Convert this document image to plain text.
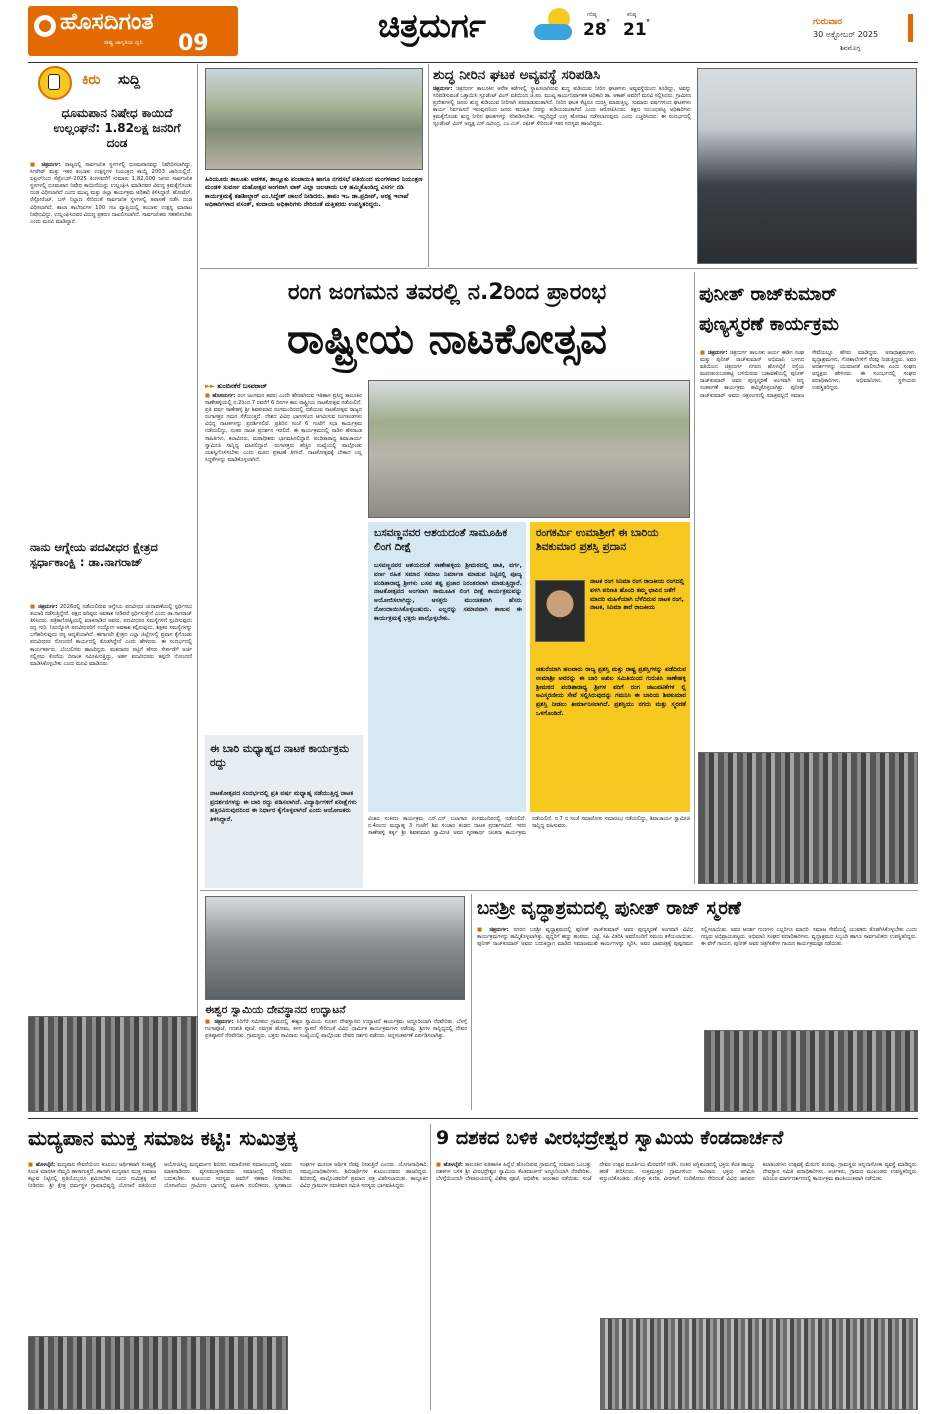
ಹೊಸದಿಗಂತ
ರಾಷ್ಟ್ರ ಜಾಗೃತಿಯ ದ್ವನಿ 09	ಚಿತ್ರದುರ್ಗ	ಗರಿಷ್ಠ
28 °
ಕನಿಷ್ಠ
21 °	ಗುರುವಾರ
30 ಅಕ್ಟೋಬರ್ 2025
ಶಿವಮೊಗ್ಗ
ಕಿರು ಸುದ್ದಿ
ಧೂಮಪಾನ ನಿಷೇಧ ಕಾಯಿದೆ ಉಲ್ಲಂಘನೆ: 1.82ಲಕ್ಷ ಜನರಿಗೆ ದಂಡ
■ ಚಿತ್ರದುರ್ಗ: ರಾಜ್ಯದಲ್ಲಿ ಸಾರ್ವಜನಿಕ ಸ್ಥಳಗಳಲ್ಲಿ ಧೂಮಪಾನವನ್ನು ನಿಷೇಧಿಸಲಾಗಿದ್ದು, ಸಿಗರೇಟ್ ಮತ್ತು ಇತರ ತಂಬಾಕು ಉತ್ಪನ್ನಗಳ ನಿಯಂತ್ರಣ ಕಾಯ್ದೆ 2003 ಜಾರಿಯಲ್ಲಿದೆ. ಏಪ್ರಿಲ್‌ನಿಂದ ಸೆಪ್ಟೆಂಬರ್-2025 ತಿಂಗಳವರೆಗೆ ಸುಮಾರು 1,82,000 ಜನರು ಸಾರ್ವಜನಿಕ ಸ್ಥಳಗಳಲ್ಲಿ ಧೂಮಪಾನ ನಿಷೇಧ ಕಾಯಿದೆಯನ್ನು ಉಲ್ಲಂಘಿಸಿ ಮಾಡಿದವರ ವಿರುದ್ಧ ಕ್ರಮಕೈಗೊಂಡು ದಂಡ ವಿಧಿಸಲಾಗಿದೆ ಎಂದು ಮುಖ್ಯ ಮತ್ತು ಜಿಲ್ಲಾ ಕಾರ್ಯಕ್ರಮ ಅಧಿಕಾರಿ ತಿಳಿಸಿದ್ದಾರೆ. ಹೋಟೆಲ್, ರೆಸ್ಟೋರೆಂಟ್, ಬಸ್ ನಿಲ್ದಾಣ ಸೇರಿದಂತೆ ಸಾರ್ವಜನಿಕ ಸ್ಥಳಗಳಲ್ಲಿ ತಪಾಸಣೆ ನಡೆಸಿ ದಂಡ ವಿಧಿಸಲಾಗಿದೆ. ಶಾಲಾ ಕಾಲೇಜುಗಳ 100 ಗಜ ವ್ಯಾಪ್ತಿಯಲ್ಲಿ ತಂಬಾಕು ಉತ್ಪನ್ನ ಮಾರಾಟ ನಿಷೇಧವಿದ್ದು, ಉಲ್ಲಂಘಿಸಿದವರ ವಿರುದ್ಧ ಪ್ರಕರಣ ದಾಖಲಿಸಲಾಗಿದೆ. ಸಾರ್ವಜನಿಕರು ಸಹಕರಿಸಬೇಕು ಎಂದು ಮನವಿ ಮಾಡಿದ್ದಾರೆ.
ನಾನು ಆಗ್ನೇಯ ಪದವೀಧರ ಕ್ಷೇತ್ರದ ಸ್ಪರ್ಧಾಕಾಂಕ್ಷಿ : ಡಾ.ನಾಗರಾಜ್
■ ಚಿತ್ರದುರ್ಗ: 2026ರಲ್ಲಿ ನಡೆಯಲಿರುವ ಆಗ್ನೇಯ ಪದವೀಧರ ಚುನಾವಣೆಯಲ್ಲಿ ಸ್ಪರ್ಧಿಸಲು ತಯಾರಿ ನಡೆಸುತ್ತಿದ್ದೇನೆ. ಪಕ್ಷದ ವರಿಷ್ಠರು ಅವಕಾಶ ನೀಡಿದರೆ ಸ್ಪರ್ಧಿಸುತ್ತೇನೆ ಎಂದು ಡಾ.ನಾಗರಾಜ್ ತಿಳಿಸಿದರು. ಪತ್ರಿಕಾಗೋಷ್ಠಿಯಲ್ಲಿ ಮಾತನಾಡಿದ ಅವರು, ಪದವೀಧರರ ಸಮಸ್ಯೆಗಳಿಗೆ ಸ್ಪಂದಿಸುವುದು ನನ್ನ ಗುರಿ. ನಿರುದ್ಯೋಗಿ ಪದವೀಧರರಿಗೆ ಉದ್ಯೋಗ ಅವಕಾಶ ಕಲ್ಪಿಸುವುದು, ಶಿಕ್ಷಕರ ಸಮಸ್ಯೆಗಳನ್ನು ಬಗೆಹರಿಸುವುದು ನನ್ನ ಆದ್ಯತೆಯಾಗಿದೆ. ಈಗಾಗಲೇ ಕ್ಷೇತ್ರದ ಎಲ್ಲಾ ಜಿಲ್ಲೆಗಳಲ್ಲಿ ಪ್ರವಾಸ ಕೈಗೊಂಡು ಪದವೀಧರರ ನೋಂದಣಿ ಕಾರ್ಯದಲ್ಲಿ ತೊಡಗಿದ್ದೇನೆ ಎಂದು ಹೇಳಿದರು. ಈ ಸಂದರ್ಭದಲ್ಲಿ ಕಾರ್ಯಕರ್ತರು, ಬೆಂಬಲಿಗರು ಹಾಜರಿದ್ದರು. ಮತದಾರರ ಪಟ್ಟಿಗೆ ಹೆಸರು ಸೇರ್ಪಡೆಗೆ ಅರ್ಜಿ ಸಲ್ಲಿಸಲು ಕೊನೆಯ ದಿನಾಂಕ ಸಮೀಪಿಸುತ್ತಿದ್ದು, ಅರ್ಹ ಪದವೀಧರರು ತಪ್ಪದೇ ನೋಂದಣಿ ಮಾಡಿಸಿಕೊಳ್ಳಬೇಕು ಎಂದು ಮನವಿ ಮಾಡಿದರು.
ಹಿರಿಯೂರು ತಾಲೂಕು ಆಡಳಿತ, ತಾಲ್ಲೂಕು ಪಂಚಾಯಿತಿ ಹಾಗೂ ನಗರಸಭೆ ವತಿಯಿಂದ ಮಂಗಳವಾರ ನಿಯಂತ್ರಣ ಮಂಡಳಿ ಸುವರ್ಣ ಮಹೋತ್ಸವ ಅಂಗವಾಗಿ ವಾಕ್ ವಿಲ್ಲಾ ಜಲಜಾಯ ಬಳಿ ಹಮ್ಮಿಕೊಂಡಿದ್ದ ವಿಸರ್ಗ ನಡಿ ಕಾರ್ಯಕ್ರಮಕ್ಕೆ ತಹಶೀಲ್ದಾರ್ ಎಂ.ಸಿದ್ದೇಶ್ ಚಾಲನೆ ನೀಡಿದರು. ತಾಪಂ ಇಒ ಡಾ.ಪ್ರದೀಪ್, ಆರಕ್ಷ ಇಲಾಖೆ ಅಧಿಕಾರಿಗಳಾದ ವಸಂತ್, ಕಂದಾಯ ಅಧಿಕಾರಿಗಳು ನೇರಿದಂತೆ ಮತ್ತಿತರರು ಉಪಸ್ಥಿತರಿದ್ದರು.
ಶುದ್ಧ ನೀರಿನ ಘಟಕ ಅವ್ಯವಸ್ಥೆ ಸರಿಪಡಿಸಿ
ಚಿತ್ರದುರ್ಗ: ಚಿತ್ರದುರ್ಗ ತಾಲೂಕಿನ ಆನೇಕ ಕಡೆಗಳಲ್ಲಿ ಸ್ಥಾಪಿಸಲಾಗಿರುವ ಶುದ್ಧ ಕುಡಿಯುವ ನೀರಿನ ಘಟಕಗಳು ಅವ್ಯವಸ್ಥೆಯಿಂದ ಕೂಡಿದ್ದು, ಅವನ್ನು ಸರಿಪಡಿಸುವಂತೆ ಒತ್ತಾಯಿಸಿ ಸ್ಟೂಡೆಂಟ್ ವಿಂಗ್ ವತಿಯಿಂದ ಜಿ.ಪಂ. ಮುಖ್ಯ ಕಾರ್ಯನಿರ್ವಾಹಕ ಅಧಿಕಾರಿ ಡಾ. ಆಕಾಶ್ ಅವರಿಗೆ ಮನವಿ ಸಲ್ಲಿಸಿದರು. ಗ್ರಾಮೀಣ ಪ್ರದೇಶಗಳಲ್ಲಿ ಜನರು ಶುದ್ಧ ಕುಡಿಯುವ ನೀರಿಗಾಗಿ ಪರದಾಡುವಂತಾಗಿದೆ. ನೀರಿನ ಘಟಕ ಕೆಟ್ಟರೂ ದುರಸ್ತಿ ಮಾಡುತ್ತಿಲ್ಲ. ಸುಮಾರು ವರ್ಷಗಳಿಂದ ಘಟಕಗಳು ಕಾರ್ಯ ನಿರ್ವಹಿಸದೆ ಇರುವುದರಿಂದ ಜನರು ಕಲುಷಿತ ನೀರನ್ನು ಕುಡಿಯುವಂತಾಗಿದೆ ಎಂದು ಆರೋಪಿಸಿದರು. ತಕ್ಷಣ ಸಂಬಂಧಪಟ್ಟ ಅಧಿಕಾರಿಗಳು ಕ್ರಮಕೈಗೊಂಡು ಶುದ್ಧ ನೀರಿನ ಘಟಕಗಳನ್ನು ಸರಿಪಡಿಸಬೇಕು. ಇಲ್ಲದಿದ್ದರೆ ಉಗ್ರ ಹೋರಾಟ ನಡೆಸಲಾಗುವುದು ಎಂದು ಎಚ್ಚರಿಸಿದರು. ಈ ಸಂದರ್ಭದಲ್ಲಿ ಸ್ಟೂಡೆಂಟ್ ವಿಂಗ್ ಅಧ್ಯಕ್ಷ ಎಸ್.ರವೀಂದ್ರ, ಎಂ.ಎಚ್. ರಫೀಕ್ ಸೇರಿದಂತೆ ಇತರ ಸದಸ್ಯರು ಹಾಜರಿದ್ದರು.
ರಂಗ ಜಂಗಮನ ತವರಲ್ಲಿ ನ.2ರಿಂದ ಪ್ರಾರಂಭ
ರಾಷ್ಟ್ರೀಯ ನಾಟಕೋತ್ಸವ
►► ತುಂಬಿನಕೆರೆ ಬಸವರಾಜ್
■ ಹೊಸದುರ್ಗ: ರಂಗ ಜಂಗಮನ ತವರು ಎಂದೇ ಹೆಸರಾಗಿರುವ ಇತಿಹಾಸ ಪ್ರಸಿದ್ಧ ತಾಲೂಕಿನ ಸಾಣೇಹಳ್ಳಿಯಲ್ಲಿ ನ.2ರಿಂದ 7 ರವರೆಗೆ 6 ದಿನಗಳ ಕಾಲ ರಾಷ್ಟ್ರೀಯ ನಾಟಕೋತ್ಸವ ನಡೆಯಲಿದೆ. ಪ್ರತಿ ವರ್ಷ ಸಾಣೇಹಳ್ಳಿ ಶ್ರೀ ಶಿವಕುಮಾರ ರಂಗಮಂದಿರದಲ್ಲಿ ನಡೆಯುವ ನಾಟಕೋತ್ಸವ ರಾಜ್ಯದ ರಂಗಾಸಕ್ತರ ಗಮನ ಸೆಳೆಯುತ್ತದೆ. ದೇಶದ ವಿವಿಧ ಭಾಗಗಳಿಂದ ಆಗಮಿಸುವ ರಂಗತಂಡಗಳು ವಿಭಿನ್ನ ನಾಟಕಗಳನ್ನು ಪ್ರದರ್ಶಿಸಲಿವೆ. ಪ್ರತಿದಿನ ಸಂಜೆ 6 ಗಂಟೆಗೆ ಸಭಾ ಕಾರ್ಯಕ್ರಮ ನಡೆಯಲಿದ್ದು, ನಂತರ ನಾಟಕ ಪ್ರದರ್ಶನ ಇರಲಿದೆ. ಈ ಕಾರ್ಯಕ್ರಮದಲ್ಲಿ ನಾಡಿನ ಹೆಸರಾಂತ ಸಾಹಿತಿಗಳು, ಕಲಾವಿದರು, ಮಠಾಧೀಶರು ಭಾಗವಹಿಸಲಿದ್ದಾರೆ. ಪಂಡಿತಾರಾಧ್ಯ ಶಿವಾಚಾರ್ಯ ಸ್ವಾಮೀಜಿ ಸಾನ್ನಿಧ್ಯ ವಹಿಸಲಿದ್ದಾರೆ. ರಂಗಾಸಕ್ತರು ಹೆಚ್ಚಿನ ಸಂಖ್ಯೆಯಲ್ಲಿ ಪಾಲ್ಗೊಂಡು ಯಶಸ್ವಿಗೊಳಿಸಬೇಕು ಎಂದು ಮಠದ ಪ್ರಕಟಣೆ ತಿಳಿಸಿದೆ. ನಾಟಕೋತ್ಸವಕ್ಕೆ ಬೇಕಾದ ಎಲ್ಲ ಸಿದ್ಧತೆಗಳನ್ನು ಮಾಡಿಕೊಳ್ಳಲಾಗಿದೆ.
ಈ ಬಾರಿ ಮಧ್ಯಾಹ್ನದ ನಾಟಕ ಕಾರ್ಯಕ್ರಮ ರದ್ದು
ನಾಟಕೋತ್ಸವದ ಸಂದರ್ಭದಲ್ಲಿ ಪ್ರತಿ ವರ್ಷ ಮಧ್ಯಾಹ್ನ ನಡೆಯುತ್ತಿದ್ದ ನಾಟಕ ಪ್ರದರ್ಶನಗಳನ್ನು ಈ ಬಾರಿ ರದ್ದು ಪಡಿಸಲಾಗಿದೆ. ವಿದ್ಯಾರ್ಥಿಗಳಿಗೆ ಪರೀಕ್ಷೆಗಳು ಹತ್ತಿರವಿರುವುದರಿಂದ ಈ ನಿರ್ಧಾರ ಕೈಗೊಳ್ಳಲಾಗಿದೆ ಎಂದು ಆಯೋಜಕರು ತಿಳಿಸಿದ್ದಾರೆ.
ಬಸವಣ್ಣನವರ ಆಶಯದಂತೆ ಸಾಮೂಹಿಕ ಲಿಂಗ ದೀಕ್ಷೆ
ಬಸವಣ್ಣನವರ ಆಶಯದಂತೆ ಸಾಣೇಹಳ್ಳಿಯ ಶ್ರೀಮಠದಲ್ಲಿ ಜಾತಿ, ವರ್ಗ, ವರ್ಣ ರಹಿತ ಸಮಾನ ಸಮಾಜ ನಿರ್ಮಾಣ ಮಾಡುವ ನಿಟ್ಟಿನಲ್ಲಿ ಪೂಜ್ಯ ಪಂಡಿತಾರಾಧ್ಯ ಶ್ರೀಗಳು ಬಸವ ತತ್ವ ಪ್ರಚಾರ ನಿರಂತರವಾಗಿ ಮಾಡುತ್ತಿದ್ದಾರೆ. ನಾಟಕೋತ್ಸವದ ಅಂಗವಾಗಿ ಸಾಮೂಹಿಕ ಲಿಂಗ ದೀಕ್ಷೆ ಕಾರ್ಯಕ್ರಮವನ್ನು ಆಯೋಜಿಸಲಾಗಿದ್ದು, ಆಸಕ್ತರು ಮುಂಚಿತವಾಗಿ ಹೆಸರು ನೋಂದಾಯಿಸಿಕೊಳ್ಳಬಹುದು. ಎಲ್ಲರನ್ನು ಸಮಾನವಾಗಿ ಕಾಣುವ ಈ ಕಾರ್ಯಕ್ರಮಕ್ಕೆ ಭಕ್ತರು ಪಾಲ್ಗೊಳ್ಳಬೇಕು.
ರಂಗಕರ್ಮಿ ಉಮಾಶ್ರೀಗೆ ಈ ಬಾರಿಯ ಶಿವಕುಮಾರ ಪ್ರಶಸ್ತಿ ಪ್ರದಾನ
ನಾಟಕ ರಂಗ ಸಿನಿಮಾ ರಂಗ ರಾಜಕೀಯ ರಂಗದಲ್ಲಿ ಪಳಗಿ ಪರಿಣತಿ ಹೊಂದಿ ತಮ್ಮ ಛಾಪಿನ ಜತೆಗೆ ಮಾದರಿ ಮಹಿಳೆಯಾಗಿ ಬೆಳೆದಿರುವ ನಾಟಕ ರಂಗ, ನಾಟಕ, ಸಿನಿಮಾ ತಾರೆ ರಾಜಕೀಯ
ಚತುರೆಯಾಗಿ ಹಲವಾರು ರಾಜ್ಯ ಪ್ರಶಸ್ತಿ ಮತ್ತು ರಾಷ್ಟ್ರ ಪ್ರಶಸ್ತಿಗಳನ್ನು ಪಡೆದಿರುವ ಉಮಾಶ್ರೀ ಅವರನ್ನು ಈ ಬಾರಿ ಅಖಿಲ ಸಮಿತಿಯಿಂದ ಗುರುತಿಸಿ ಸಾಣೇಹಳ್ಳಿ ಶ್ರೀಮಠದ ಪಂಡಿತಾರಾಧ್ಯ ಶ್ರೀಗಳ ಪರಿಗೆ ರಂಗ ಚಟುವಟಿಕೆಗಳ ಲ್ಲಿ ಅವಿಸ್ಮರಣೀಯ ಸೇವೆ ಸಲ್ಲಿಸಿರುವುದನ್ನು ಗಮನಿಸಿ ಈ ಬಾರಿಯ ಶಿವಕುಮಾರ ಪ್ರಶಸ್ತಿ ನೀಡಲು ತೀರ್ಮಾನಿಸಲಾಗಿದೆ. ಪ್ರಶಸ್ತಿಯು ನಗದು ಮತ್ತು ಸ್ಮರಣಿಕೆ ಒಳಗೊಂಡಿದೆ.
ವಿಚಾರ ಸಂಕಿರಣ ಕಾರ್ಯಕ್ರಮ ಎನ್.ಎನ್ ಬಲಾಗಾರ ರಂಗಮಂದಿರದಲ್ಲಿ ನಡೆಯಲಿದೆ. ನ.4ರಂದು ಮಧ್ಯಾಹ್ನ 3 ಗಂಟೆಗೆ ಶಿವ ಸಂಚಾರ ತಂಡದ ನಾಟಕ ಪ್ರದರ್ಶನವಿದೆ. ಇದರ ಸಾಣೇಹಳ್ಳಿ ಕರ್ತೃ ಶ್ರೀ ಶಿವಕುಮಾರ ಸ್ವಾಮೀಜಿ ಅವರ ಸ್ಮರಣಾರ್ಥ ಚಿಂತನಾ ಕಾರ್ಯಕ್ರಮ ನಡೆಯಲಿದೆ. ನ.7 ರ ಸಂಜೆ ಸಮಾರೋಪ ಸಮಾರಂಭ ನಡೆಯಲಿದ್ದು, ಶಿವಾಚಾರ್ಯ ಸ್ವಾಮೀಜಿ ಸಾನ್ನಿಧ್ಯ ವಹಿಸುವರು.
ಪುನೀತ್ ರಾಜ್‌ಕುಮಾರ್
ಪುಣ್ಯಸ್ಮರಣೆ ಕಾರ್ಯಕ್ರಮ
■ ಚಿತ್ರದುರ್ಗ: ಚಿತ್ರದುರ್ಗ ತಾಲೂಕು ಆರ್ಯ ಈಡಿಗ ಸಂಘ ಮತ್ತು ಪುನೀತ್ ರಾಜ್‌ಕುಮಾರ್ ಅಭಿಮಾನಿ ಬಳಗದ ವತಿಯಿಂದ ಚಿತ್ರದುರ್ಗ ನಗರದ ಹೊಳಲ್ಕೆರೆ ರಸ್ತೆಯ ಮಠದಕುರುಬರಹಟ್ಟಿ ಬಳಿಯಿರುವ ಬಡಾವಣೆಯಲ್ಲಿ ಪುನೀತ್ ರಾಜ್‌ಕುಮಾರ್ ಅವರ ಪುಣ್ಯಸ್ಮರಣೆ ಅಂಗವಾಗಿ ಅನ್ನ ಸಂತರ್ಪಣೆ ಕಾರ್ಯಕ್ರಮ ಹಮ್ಮಿಕೊಳ್ಳಲಾಗಿತ್ತು. ಪುನೀತ್ ರಾಜ್‌ಕುಮಾರ್ ಅವರು ಚಿತ್ರರಂಗದಲ್ಲಿ ಮಾತ್ರವಲ್ಲದೆ ಸಮಾಜ ಸೇವೆಯಲ್ಲೂ ಹೆಸರು ಮಾಡಿದ್ದರು. ಅನಾಥಾಶ್ರಮಗಳು, ವೃದ್ಧಾಶ್ರಮಗಳು, ಗೋಶಾಲೆಗಳಿಗೆ ನೆರವು ನೀಡುತ್ತಿದ್ದರು. ಅವರ ಆದರ್ಶಗಳನ್ನು ಯುವಜನತೆ ಪಾಲಿಸಬೇಕು ಎಂದು ಸಂಘದ ಅಧ್ಯಕ್ಷರು ಹೇಳಿದರು. ಈ ಸಂದರ್ಭದಲ್ಲಿ ಸಂಘದ ಪದಾಧಿಕಾರಿಗಳು, ಅಭಿಮಾನಿಗಳು, ಸ್ಥಳೀಯರು ಉಪಸ್ಥಿತರಿದ್ದರು.
ಈಶ್ವರ ಸ್ವಾಮಿಯ ದೇವಸ್ಥಾನದ ಉದ್ಘಾಟನೆ
■ ಚಿತ್ರದುರ್ಗ: ಸಿರಿಗೆರೆ ಸಮೀಪದ ಗ್ರಾಮದಲ್ಲಿ ಈಶ್ವರ ಸ್ವಾಮಿಯ ನೂತನ ದೇವಸ್ಥಾನದ ಉದ್ಘಾಟನೆ ಕಾರ್ಯಕ್ರಮ ಅದ್ದೂರಿಯಾಗಿ ನೆರವೇರಿತು. ಬೆಳಗ್ಗೆ ಗಂಗಾಪೂಜೆ, ಗಣಪತಿ ಪೂಜೆ, ನವಗ್ರಹ ಹೋಮ, ಕಳಸ ಸ್ಥಾಪನೆ ಸೇರಿದಂತೆ ವಿವಿಧ ಧಾರ್ಮಿಕ ಕಾರ್ಯಕ್ರಮಗಳು ನಡೆದವು. ಶ್ರೀಗಳ ಸಾನ್ನಿಧ್ಯದಲ್ಲಿ ದೇವರ ಪ್ರತಿಷ್ಠಾಪನೆ ನೆರವೇರಿತು. ಗ್ರಾಮಸ್ಥರು, ಭಕ್ತರು ಸಾವಿರಾರು ಸಂಖ್ಯೆಯಲ್ಲಿ ಪಾಲ್ಗೊಂಡು ದೇವರ ದರ್ಶನ ಪಡೆದರು. ಅನ್ನಸಂತರ್ಪಣೆ ಏರ್ಪಡಿಸಲಾಗಿತ್ತು.
ಬನಶ್ರೀ ವೃದ್ಧಾಶ್ರಮದಲ್ಲಿ ಪುನೀತ್ ರಾಜ್ ಸ್ಮರಣೆ
■ ಚಿತ್ರದುರ್ಗ: ನಗರದ ಬನಶ್ರೀ ವೃದ್ಧಾಶ್ರಮದಲ್ಲಿ ಪುನೀತ್ ರಾಜ್‌ಕುಮಾರ್ ಅವರ ಪುಣ್ಯಸ್ಮರಣೆ ಅಂಗವಾಗಿ ವಿವಿಧ ಕಾರ್ಯಕ್ರಮಗಳನ್ನು ಹಮ್ಮಿಕೊಳ್ಳಲಾಗಿತ್ತು. ವೃದ್ಧರಿಗೆ ಹಣ್ಣು ಹಂಪಲು, ಬಟ್ಟೆ, ಸಿಹಿ ವಿತರಿಸಿ ಅವರೊಂದಿಗೆ ಸಮಯ ಕಳೆಯಲಾಯಿತು. ಪುನೀತ್ ರಾಜ್‌ಕುಮಾರ್ ಅವರು ಬದುಕಿದ್ದಾಗ ಮಾಡಿದ ಸಮಾಜಮುಖಿ ಕಾರ್ಯಗಳನ್ನು ಸ್ಮರಿಸಿ, ಅವರ ಭಾವಚಿತ್ರಕ್ಕೆ ಪುಷ್ಪನಮನ ಸಲ್ಲಿಸಲಾಯಿತು. ಅವರ ಆದರ್ಶ ಗುಣಗಳು ಎಲ್ಲರಿಗೂ ಮಾದರಿ. ಸಮಾಜ ಸೇವೆಯಲ್ಲಿ ಯುವಕರು ತೊಡಗಿಸಿಕೊಳ್ಳಬೇಕು ಎಂದು ಗಣ್ಯರು ಅಭಿಪ್ರಾಯಪಟ್ಟರು. ಅಭಿಮಾನಿ ಸಂಘದ ಪದಾಧಿಕಾರಿಗಳು, ವೃದ್ಧಾಶ್ರಮದ ಸಿಬ್ಬಂದಿ ಹಾಗೂ ಸಾರ್ವಜನಿಕರು ಉಪಸ್ಥಿತರಿದ್ದರು. ಈ ವೇಳೆ ಗಾಯನ, ಪುನೀತ್ ಅವರ ಚಿತ್ರಗೀತೆಗಳ ಗಾಯನ ಕಾರ್ಯಕ್ರಮವೂ ನಡೆಯಿತು.
ಮದ್ಯಪಾನ ಮುಕ್ತ ಸಮಾಜ ಕಟ್ಟಿ: ಸುಮಿತ್ರಕ್ಕ
■ ಹೊಳಲ್ಕೆರೆ: ಮದ್ಯಪಾನ ಸೇವನೆಯಿಂದ ಕುಟುಂಬ ಆರ್ಥಿಕವಾಗಿ ಸಂಕಷ್ಟಕ್ಕೆ ಸಿಲುಕಿ ಮಾನಸಿಕ ನೆಮ್ಮದಿ ಹಾಳಾಗುತ್ತದೆ. ಹಾಗಾಗಿ ಮದ್ಯಪಾನ ಮುಕ್ತ ಸಮಾಜ ಕಟ್ಟುವ ನಿಟ್ಟಿನಲ್ಲಿ ಪ್ರತಿಯೊಬ್ಬರೂ ಶ್ರಮಿಸಬೇಕು ಎಂದು ಸುಮಿತ್ರಕ್ಕ ಕರೆ ನೀಡಿದರು. ಶ್ರೀ ಕ್ಷೇತ್ರ ಧರ್ಮಸ್ಥಳ ಗ್ರಾಮಾಭಿವೃದ್ಧಿ ಯೋಜನೆ ವತಿಯಿಂದ ಆಯೋಜಿಸಿದ್ದ ಮದ್ಯವರ್ಜನ ಶಿಬಿರದ ಸಮಾರೋಪ ಸಮಾರಂಭದಲ್ಲಿ ಅವರು ಮಾತನಾಡಿದರು. ವ್ಯಸನಮುಕ್ತರಾದವರು ಸಮಾಜದಲ್ಲಿ ಗೌರವದಿಂದ ಬದುಕಬೇಕು. ಕುಟುಂಬದ ಸದಸ್ಯರು ಅವರಿಗೆ ಸಹಕಾರ ನೀಡಬೇಕು. ಯೋಜನೆಯು ಗ್ರಾಮೀಣ ಭಾಗದಲ್ಲಿ ಮಹಿಳಾ ಸಬಲೀಕರಣ, ಸ್ವಸಹಾಯ ಸಂಘಗಳ ಮೂಲಕ ಆರ್ಥಿಕ ನೆರವು ನೀಡುತ್ತಿದೆ ಎಂದರು. ಯೋಜನಾಧಿಕಾರಿ, ಸಮನ್ವಯಾಧಿಕಾರಿಗಳು, ಶಿಬಿರಾರ್ಥಿಗಳ ಕುಟುಂಬದವರು ಹಾಜರಿದ್ದರು. ಶಿಬಿರದಲ್ಲಿ ಪಾಲ್ಗೊಂಡವರಿಗೆ ಪ್ರಮಾಣ ಪತ್ರ ವಿತರಿಸಲಾಯಿತು. ತಾಲ್ಲೂಕಿನ ವಿವಿಧ ಗ್ರಾಮಗಳ ನವಜೀವನ ಸಮಿತಿ ಸದಸ್ಯರು ಭಾಗವಹಿಸಿದ್ದರು.
9 ದಶಕದ ಬಳಿಕ ವೀರಭದ್ರೇಶ್ವರ ಸ್ವಾಮಿಯ ಕೆಂಡದಾರ್ಚನೆ
■ ಹೊಳಲ್ಕೆರೆ: ತಾಲೂಕಿನ ಐತಿಹಾಸಿಕ ಹಿನ್ನೆಲೆ ಹೊಂದಿರುವ ಗ್ರಾಮದಲ್ಲಿ ಸುಮಾರು ಒಂಬತ್ತು ದಶಕಗಳ ಬಳಿಕ ಶ್ರೀ ವೀರಭದ್ರೇಶ್ವರ ಸ್ವಾಮಿಯ ಕೆಂಡದಾರ್ಚನೆ ಅದ್ದೂರಿಯಾಗಿ ನೆರವೇರಿತು. ಬೆಳಗ್ಗೆಯಿಂದಲೇ ದೇವಾಲಯದಲ್ಲಿ ವಿಶೇಷ ಪೂಜೆ, ಅಭಿಷೇಕ, ಅಲಂಕಾರ ನಡೆಯಿತು. ಸಂಜೆ ದೇವರ ಉತ್ಸವ ಮೂರ್ತಿಯ ಮೆರವಣಿಗೆ ನಡೆಸಿ, ನಂತರ ಅಗ್ನಿಕುಂಡದಲ್ಲಿ ಭಕ್ತರು ಕೆಂಡ ಹಾಯ್ದು ಹರಕೆ ತೀರಿಸಿದರು. ಸುತ್ತಮುತ್ತಲ ಗ್ರಾಮಗಳಿಂದ ಸಾವಿರಾರು ಭಕ್ತರು ಆಗಮಿಸಿ ಕಣ್ತುಂಬಿಕೊಂಡರು. ಡೊಳ್ಳು ಕುಣಿತ, ವೀರಗಾಸೆ, ನಂದಿಕೋಲು ಸೇರಿದಂತೆ ವಿವಿಧ ಜಾನಪದ ಕಲಾತಂಡಗಳು ಉತ್ಸವಕ್ಕೆ ಮೆರುಗು ತಂದವು. ಗ್ರಾಮಸ್ಥರು ಅನ್ನದಾಸೋಹ ವ್ಯವಸ್ಥೆ ಮಾಡಿದ್ದರು. ದೇವಸ್ಥಾನ ಸಮಿತಿ ಪದಾಧಿಕಾರಿಗಳು, ಅರ್ಚಕರು, ಗ್ರಾಮದ ಮುಖಂಡರು ಉಪಸ್ಥಿತರಿದ್ದರು. ಹಿರಿಯರ ಮಾರ್ಗದರ್ಶನದಲ್ಲಿ ಕಾರ್ಯಕ್ರಮ ಶಾಂತಿಯುತವಾಗಿ ನಡೆಯಿತು.
